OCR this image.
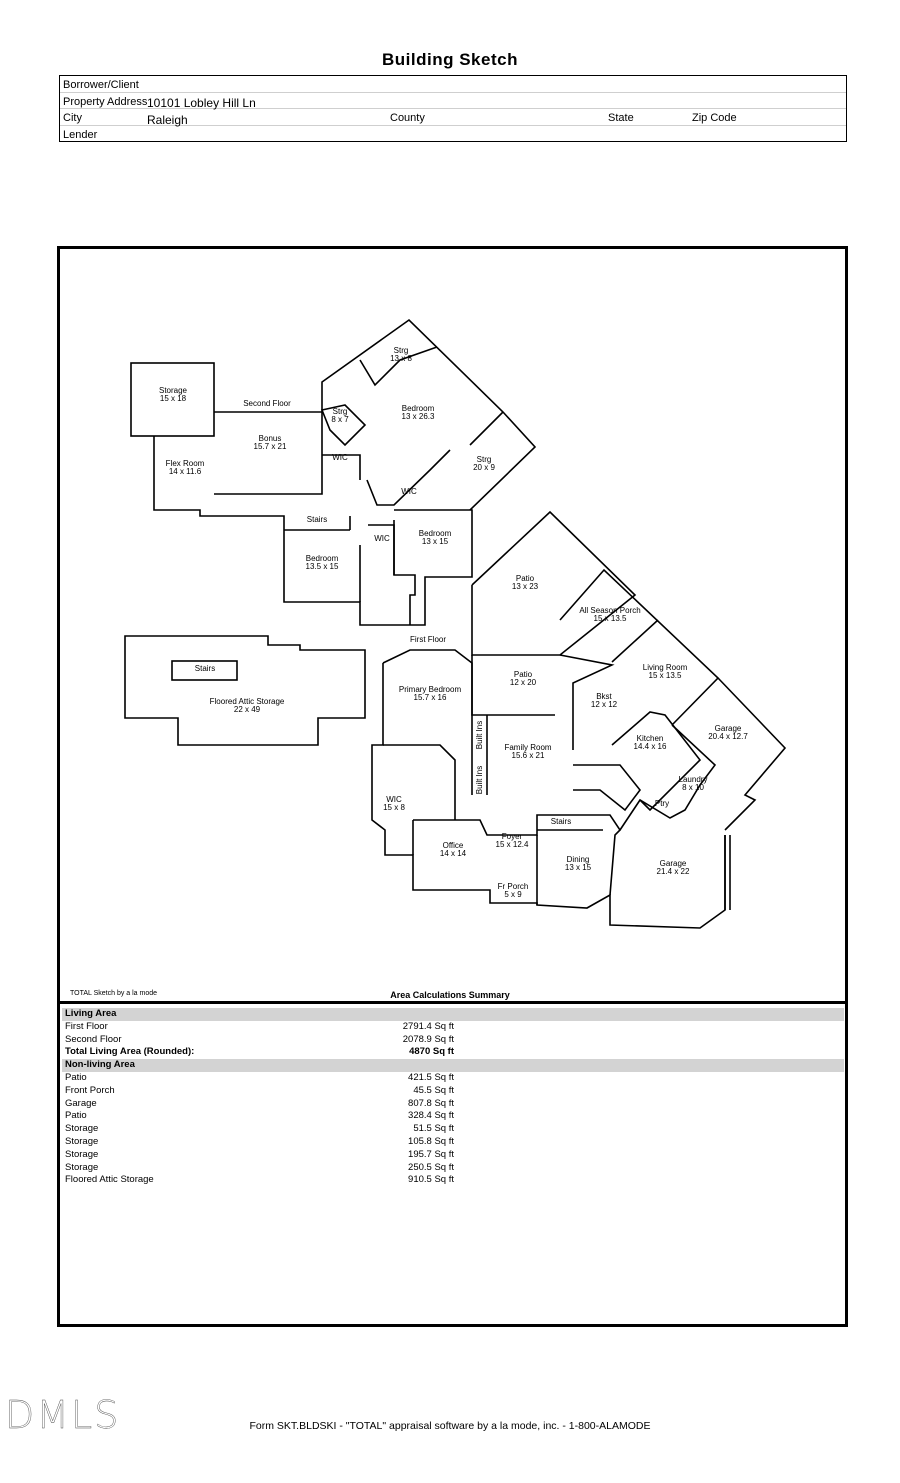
Building Sketch
Borrower/Client
Property Address 10101 Lobley Hill Ln
City	Raleigh	County	State	Zip Code
Lender
Storage
15 x 18
Bonus
15.7 x 21
Flex Room
14 x 11.6
Strg
13 x 8
Strg
8 x 7
Bedroom
13 x 26.3
Strg
20 x 9
WIC
WIC
Stairs
WIC
Bedroom
13 x 15
Bedroom
13.5 x 15
Patio
13 x 23
All Season Porch
15 x 13.5
Stairs
Floored Attic Storage
22 x 49
Primary Bedroom
15.7 x 16
Patio
12 x 20
Living Room
15 x 13.5
Bkst
12 x 12
Garage
20.4 x 12.7
Kitchen
14.4 x 16
Family Room
15.6 x 21
WIC
15 x 8
Laundry
8 x 10
Ptry
Stairs
Foyer
15 x 12.4
Office
14 x 14
Dining
13 x 15	Garage
21.4 x 22
Fr Porch
5 x 9
Second Floor
First Floor
Built Ins
Built Ins
TOTAL Sketch by a la mode	Area Calculations Summary
Living Area
First Floor	2791.4 Sq ft
Second Floor	2078.9 Sq ft
Total Living Area (Rounded):	4870 Sq ft
Non-living Area
Patio	421.5 Sq ft
Front Porch	45.5 Sq ft
Garage	807.8 Sq ft
Patio	328.4 Sq ft
Storage	51.5 Sq ft
Storage	105.8 Sq ft
Storage	195.7 Sq ft
Storage	250.5 Sq ft
Floored Attic Storage	910.5 Sq ft
DMLS	Form SKT.BLDSKI - "TOTAL" appraisal software by a la mode, inc. - 1-800-ALAMODE
